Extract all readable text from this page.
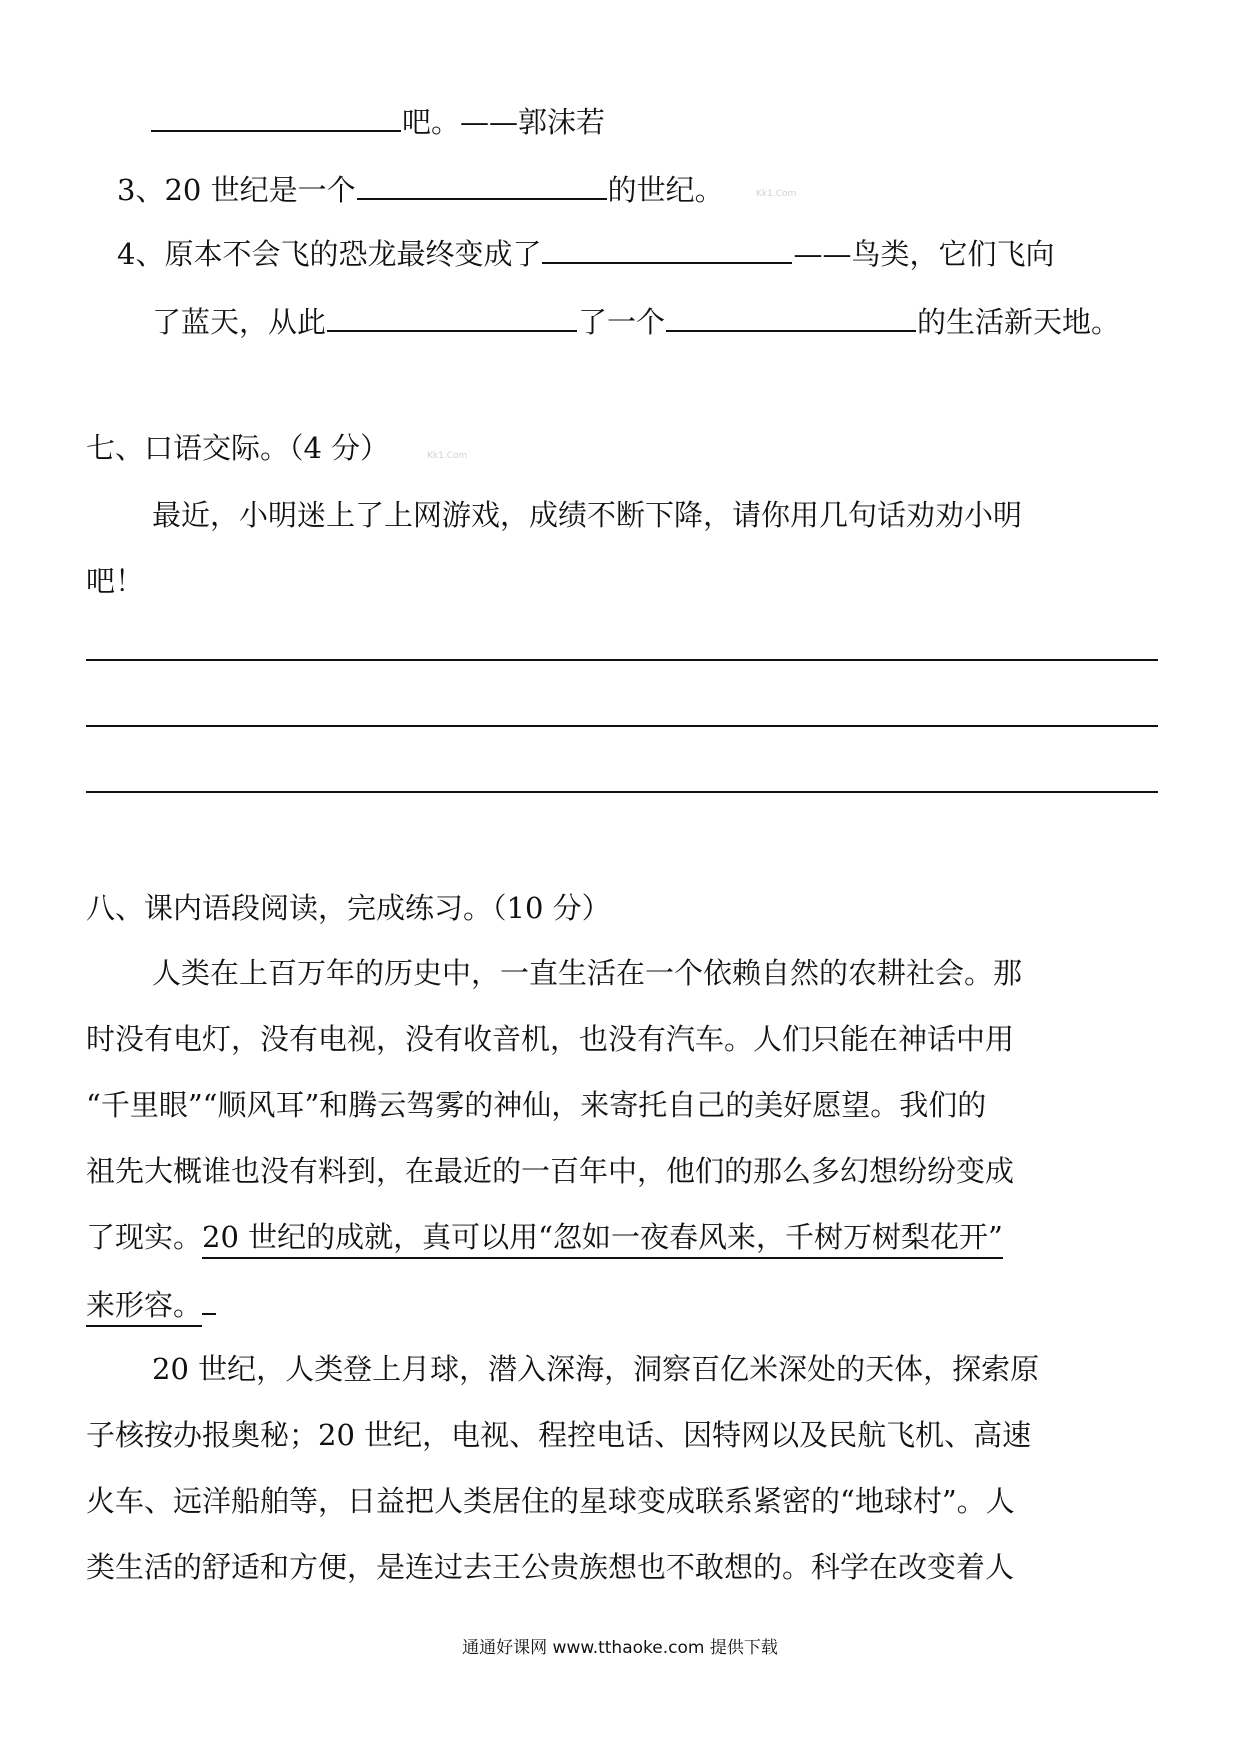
吧。——郭沫若
3、20 世纪是一个	的世纪。
4、原本不会飞的恐龙最终变成了	——鸟类，它们飞向
了蓝天，从此	了一个	的生活新天地。
Kk1.Com
七、口语交际。（4 分）	Kk1.Com
最近，小明迷上了上网游戏，成绩不断下降，请你用几句话劝劝小明
吧！
八、课内语段阅读，完成练习。（10 分）
人类在上百万年的历史中，一直生活在一个依赖自然的农耕社会。那
时没有电灯，没有电视，没有收音机，也没有汽车。人们只能在神话中用
“千里眼”“顺风耳”和腾云驾雾的神仙，来寄托自己的美好愿望。我们的
祖先大概谁也没有料到，在最近的一百年中，他们的那么多幻想纷纷变成
了现实。20 世纪的成就，真可以用“忽如一夜春风来，千树万树梨花开”
来形容。
20 世纪，人类登上月球，潜入深海，洞察百亿米深处的天体，探索原
子核按办报奥秘；20 世纪，电视、程控电话、因特网以及民航飞机、高速
火车、远洋船舶等，日益把人类居住的星球变成联系紧密的“地球村”。人
类生活的舒适和方便，是连过去王公贵族想也不敢想的。科学在改变着人
通通好课网 www.tthaoke.com 提供下载
